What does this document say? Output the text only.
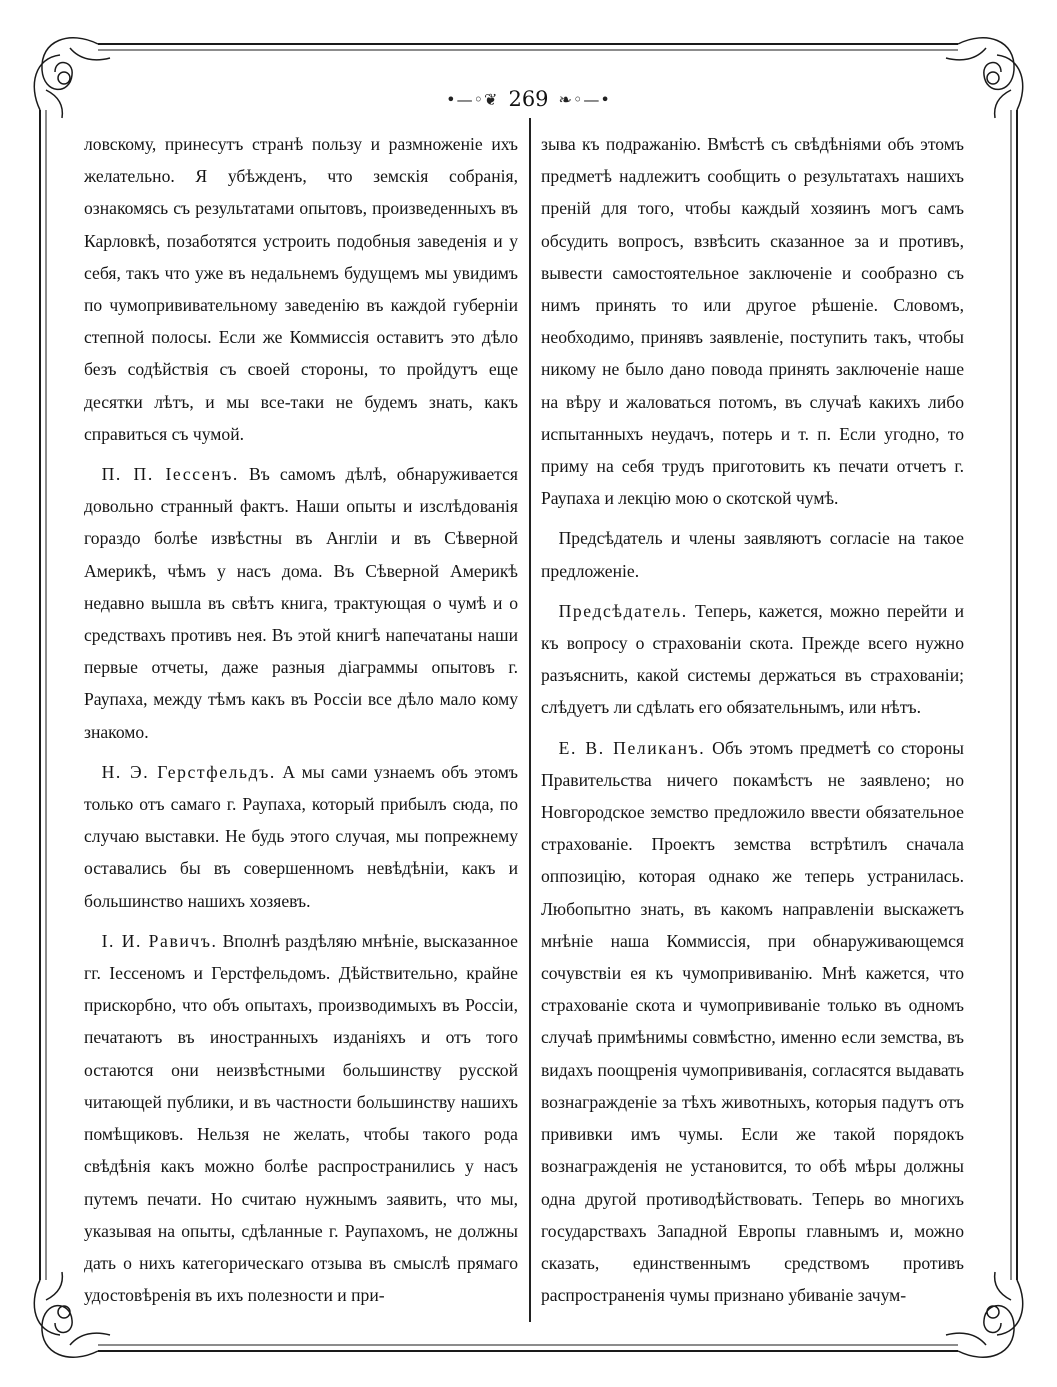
•—◦❦ 269 ❧◦—•

ловскому, принесутъ странѣ пользу и размноженіе ихъ желательно. Я убѣжденъ, что земскія собранія, ознакомясь съ результатами опытовъ, произведенныхъ въ Карловкѣ, позаботятся устроить подобныя заведенія и у себя, такъ что уже въ недальнемъ будущемъ мы увидимъ по чумопрививательному заведенію въ каждой губерніи степной полосы. Если же Коммиссія оставитъ это дѣло безъ содѣйствія съ своей стороны, то пройдутъ еще десятки лѣтъ, и мы все-таки не будемъ знать, какъ справиться съ чумой.

 П. П. Іессенъ. Въ самомъ дѣлѣ, обнаруживается довольно странный фактъ. Наши опыты и изслѣдованія гораздо болѣе извѣстны въ Англіи и въ Сѣверной Америкѣ, чѣмъ у насъ дома. Въ Сѣверной Америкѣ недавно вышла въ свѣтъ книга, трактующая о чумѣ и о средствахъ противъ нея. Въ этой книгѣ напечатаны наши первые отчеты, даже разныя діаграммы опытовъ г. Раупаха, между тѣмъ какъ въ Россіи все дѣло мало кому знакомо.

 Н. Э. Герстфельдъ. А мы сами узнаемъ объ этомъ только отъ самаго г. Раупаха, который прибылъ сюда, по случаю выставки. Не будь этого случая, мы попрежнему оставались бы въ совершенномъ невѣдѣніи, какъ и большинство нашихъ хозяевъ.

 І. И. Равичъ. Вполнѣ раздѣляю мнѣніе, высказанное гг. Іессеномъ и Герстфельдомъ. Дѣйствительно, крайне прискорбно, что объ опытахъ, производимыхъ въ Россіи, печатаютъ въ иностранныхъ изданіяхъ и отъ того остаются они неизвѣстными большинству русской читающей публики, и въ частности большинству нашихъ помѣщиковъ. Нельзя не желать, чтобы такого рода свѣдѣнія какъ можно болѣе распространились у насъ путемъ печати. Но считаю нужнымъ заявить, что мы, указывая на опыты, сдѣланные г. Раупахомъ, не должны дать о нихъ категорическаго отзыва въ смыслѣ прямаго удостовѣренія въ ихъ полезности и при-

зыва къ подражанію. Вмѣстѣ съ свѣдѣніями объ этомъ предметѣ надлежитъ сообщить о результатахъ нашихъ преній для того, чтобы каждый хозяинъ могъ самъ обсудить вопросъ, взвѣсить сказанное за и противъ, вывести самостоятельное заключеніе и сообразно съ нимъ принять то или другое рѣшеніе. Словомъ, необходимо, принявъ заявленіе, поступить такъ, чтобы никому не было дано повода принять заключеніе наше на вѣру и жаловаться потомъ, въ случаѣ какихъ либо испытанныхъ неудачъ, потерь и т. п. Если угодно, то приму на себя трудъ приготовить къ печати отчетъ г. Раупаха и лекцію мою о скотской чумѣ.

 Предсѣдатель и члены заявляютъ согласіе на такое предложеніе.

 Предсѣдатель. Теперь, кажется, можно перейти и къ вопросу о страхованіи скота. Прежде всего нужно разъяснить, какой системы держаться въ страхованіи; слѣдуетъ ли сдѣлать его обязательнымъ, или нѣтъ.

 Е. В. Пеликанъ. Объ этомъ предметѣ со стороны Правительства ничего покамѣстъ не заявлено; но Новгородское земство предложило ввести обязательное страхованіе. Проектъ земства встрѣтилъ сначала оппозицію, которая однако же теперь устранилась. Любопытно знать, въ какомъ направленіи выскажетъ мнѣніе наша Коммиссія, при обнаруживающемся сочувствіи ея къ чумопрививанію. Мнѣ кажется, что страхованіе скота и чумопрививаніе только въ одномъ случаѣ примѣнимы совмѣстно, именно если земства, въ видахъ поощренія чумопрививанія, согласятся выдавать вознагражденіе за тѣхъ животныхъ, которыя падутъ отъ прививки имъ чумы. Если же такой порядокъ вознагражденія не установится, то обѣ мѣры должны одна другой противодѣйствовать. Теперь во многихъ государствахъ Западной Европы главнымъ и, можно сказать, единственнымъ средствомъ противъ распространенія чумы признано убиваніе зачум-
